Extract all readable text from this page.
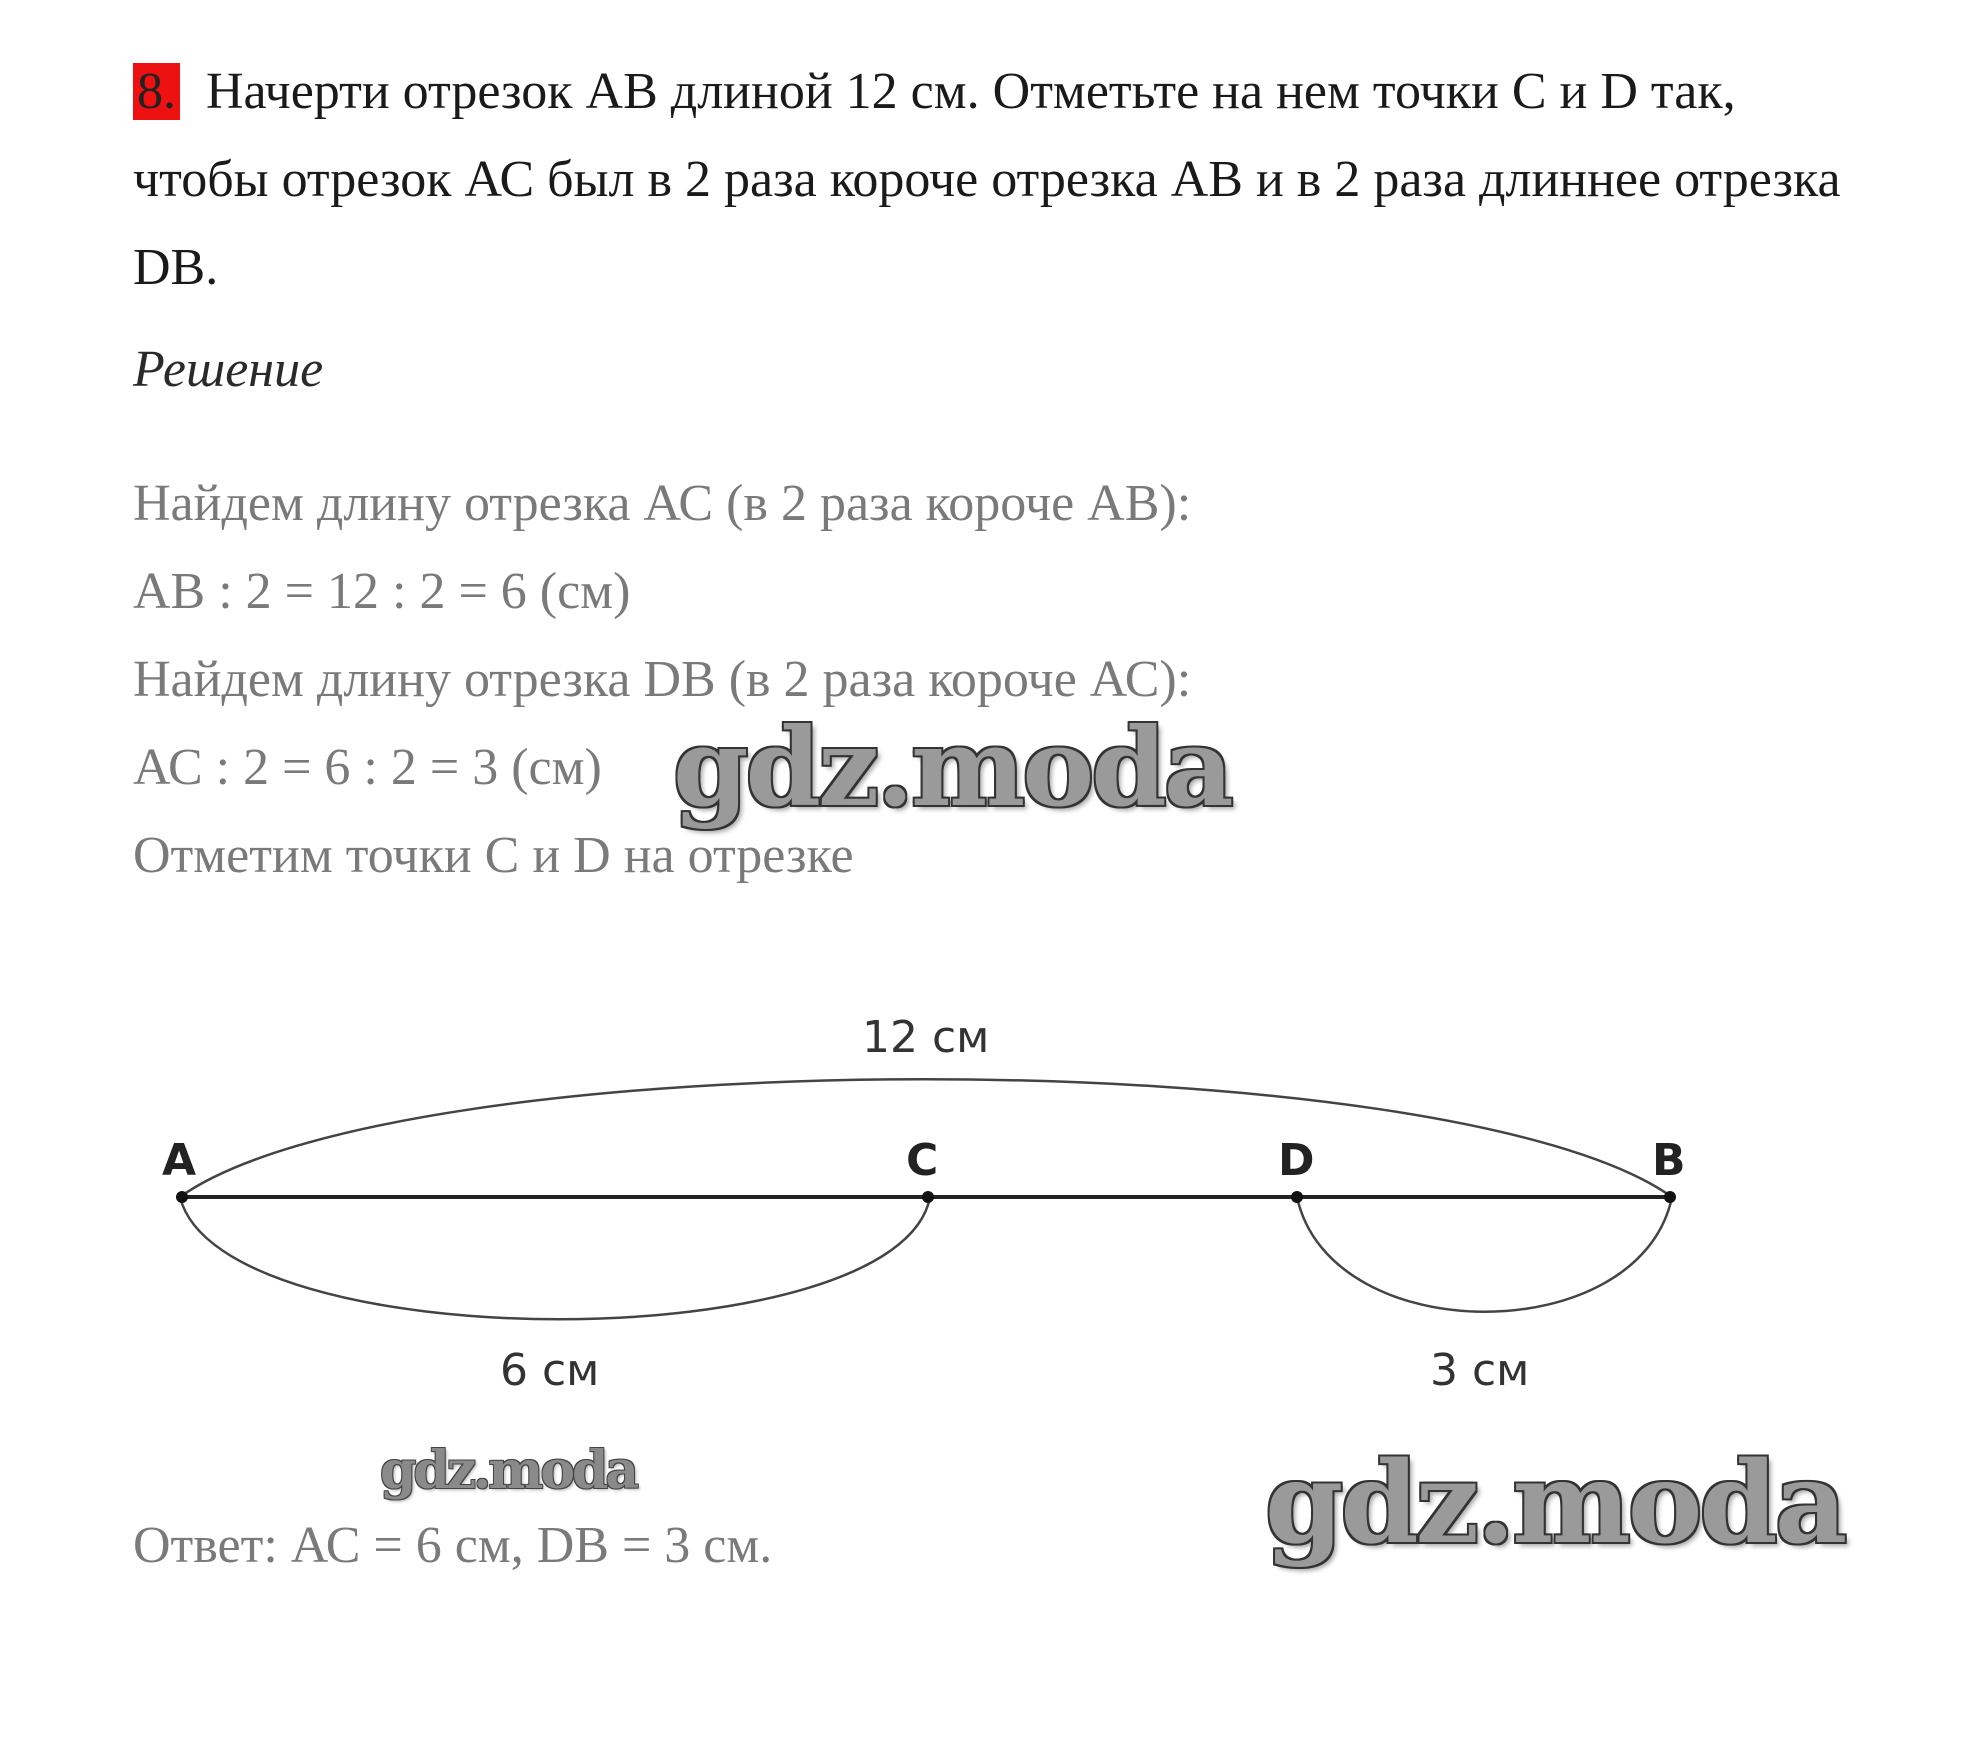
8. Начерти отрезок АВ длиной 12 см. Отметьте на нем точки С и D так, чтобы отрезок АС был в 2 раза короче отрезка АВ и в 2 раза длиннее отрезка DВ.
Решение
Найдем длину отрезка АС (в 2 раза короче АВ):
АВ : 2 = 12 : 2 = 6 (см)
Найдем длину отрезка DВ (в 2 раза короче АС):
АС : 2 = 6 : 2 = 3 (см)
Отметим точки С и D на отрезке
A	C	D	B
12 см
6 см	3 см
Ответ: АС = 6 см, DВ = 3 см.
gdz.moda
gdz.moda	gdz.moda
